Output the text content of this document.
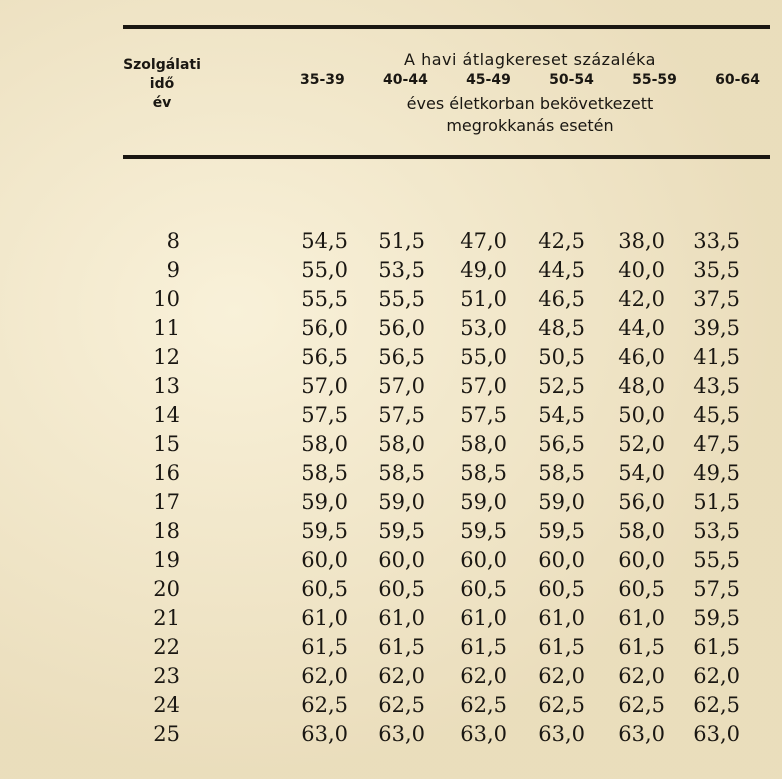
Szolgálati
idő
év
A havi átlagkereset százaléka
35-39	40-44	45-49	50-54	55-59	60-64
éves életkorban bekövetkezett
megrokkanás esetén
8	54,5	51,5	47,0	42,5	38,0	33,5
9	55,0	53,5	49,0	44,5	40,0	35,5
10	55,5	55,5	51,0	46,5	42,0	37,5
11	56,0	56,0	53,0	48,5	44,0	39,5
12	56,5	56,5	55,0	50,5	46,0	41,5
13	57,0	57,0	57,0	52,5	48,0	43,5
14	57,5	57,5	57,5	54,5	50,0	45,5
15	58,0	58,0	58,0	56,5	52,0	47,5
16	58,5	58,5	58,5	58,5	54,0	49,5
17	59,0	59,0	59,0	59,0	56,0	51,5
18	59,5	59,5	59,5	59,5	58,0	53,5
19	60,0	60,0	60,0	60,0	60,0	55,5
20	60,5	60,5	60,5	60,5	60,5	57,5
21	61,0	61,0	61,0	61,0	61,0	59,5
22	61,5	61,5	61,5	61,5	61,5	61,5
23	62,0	62,0	62,0	62,0	62,0	62,0
24	62,5	62,5	62,5	62,5	62,5	62,5
25	63,0	63,0	63,0	63,0	63,0	63,0
